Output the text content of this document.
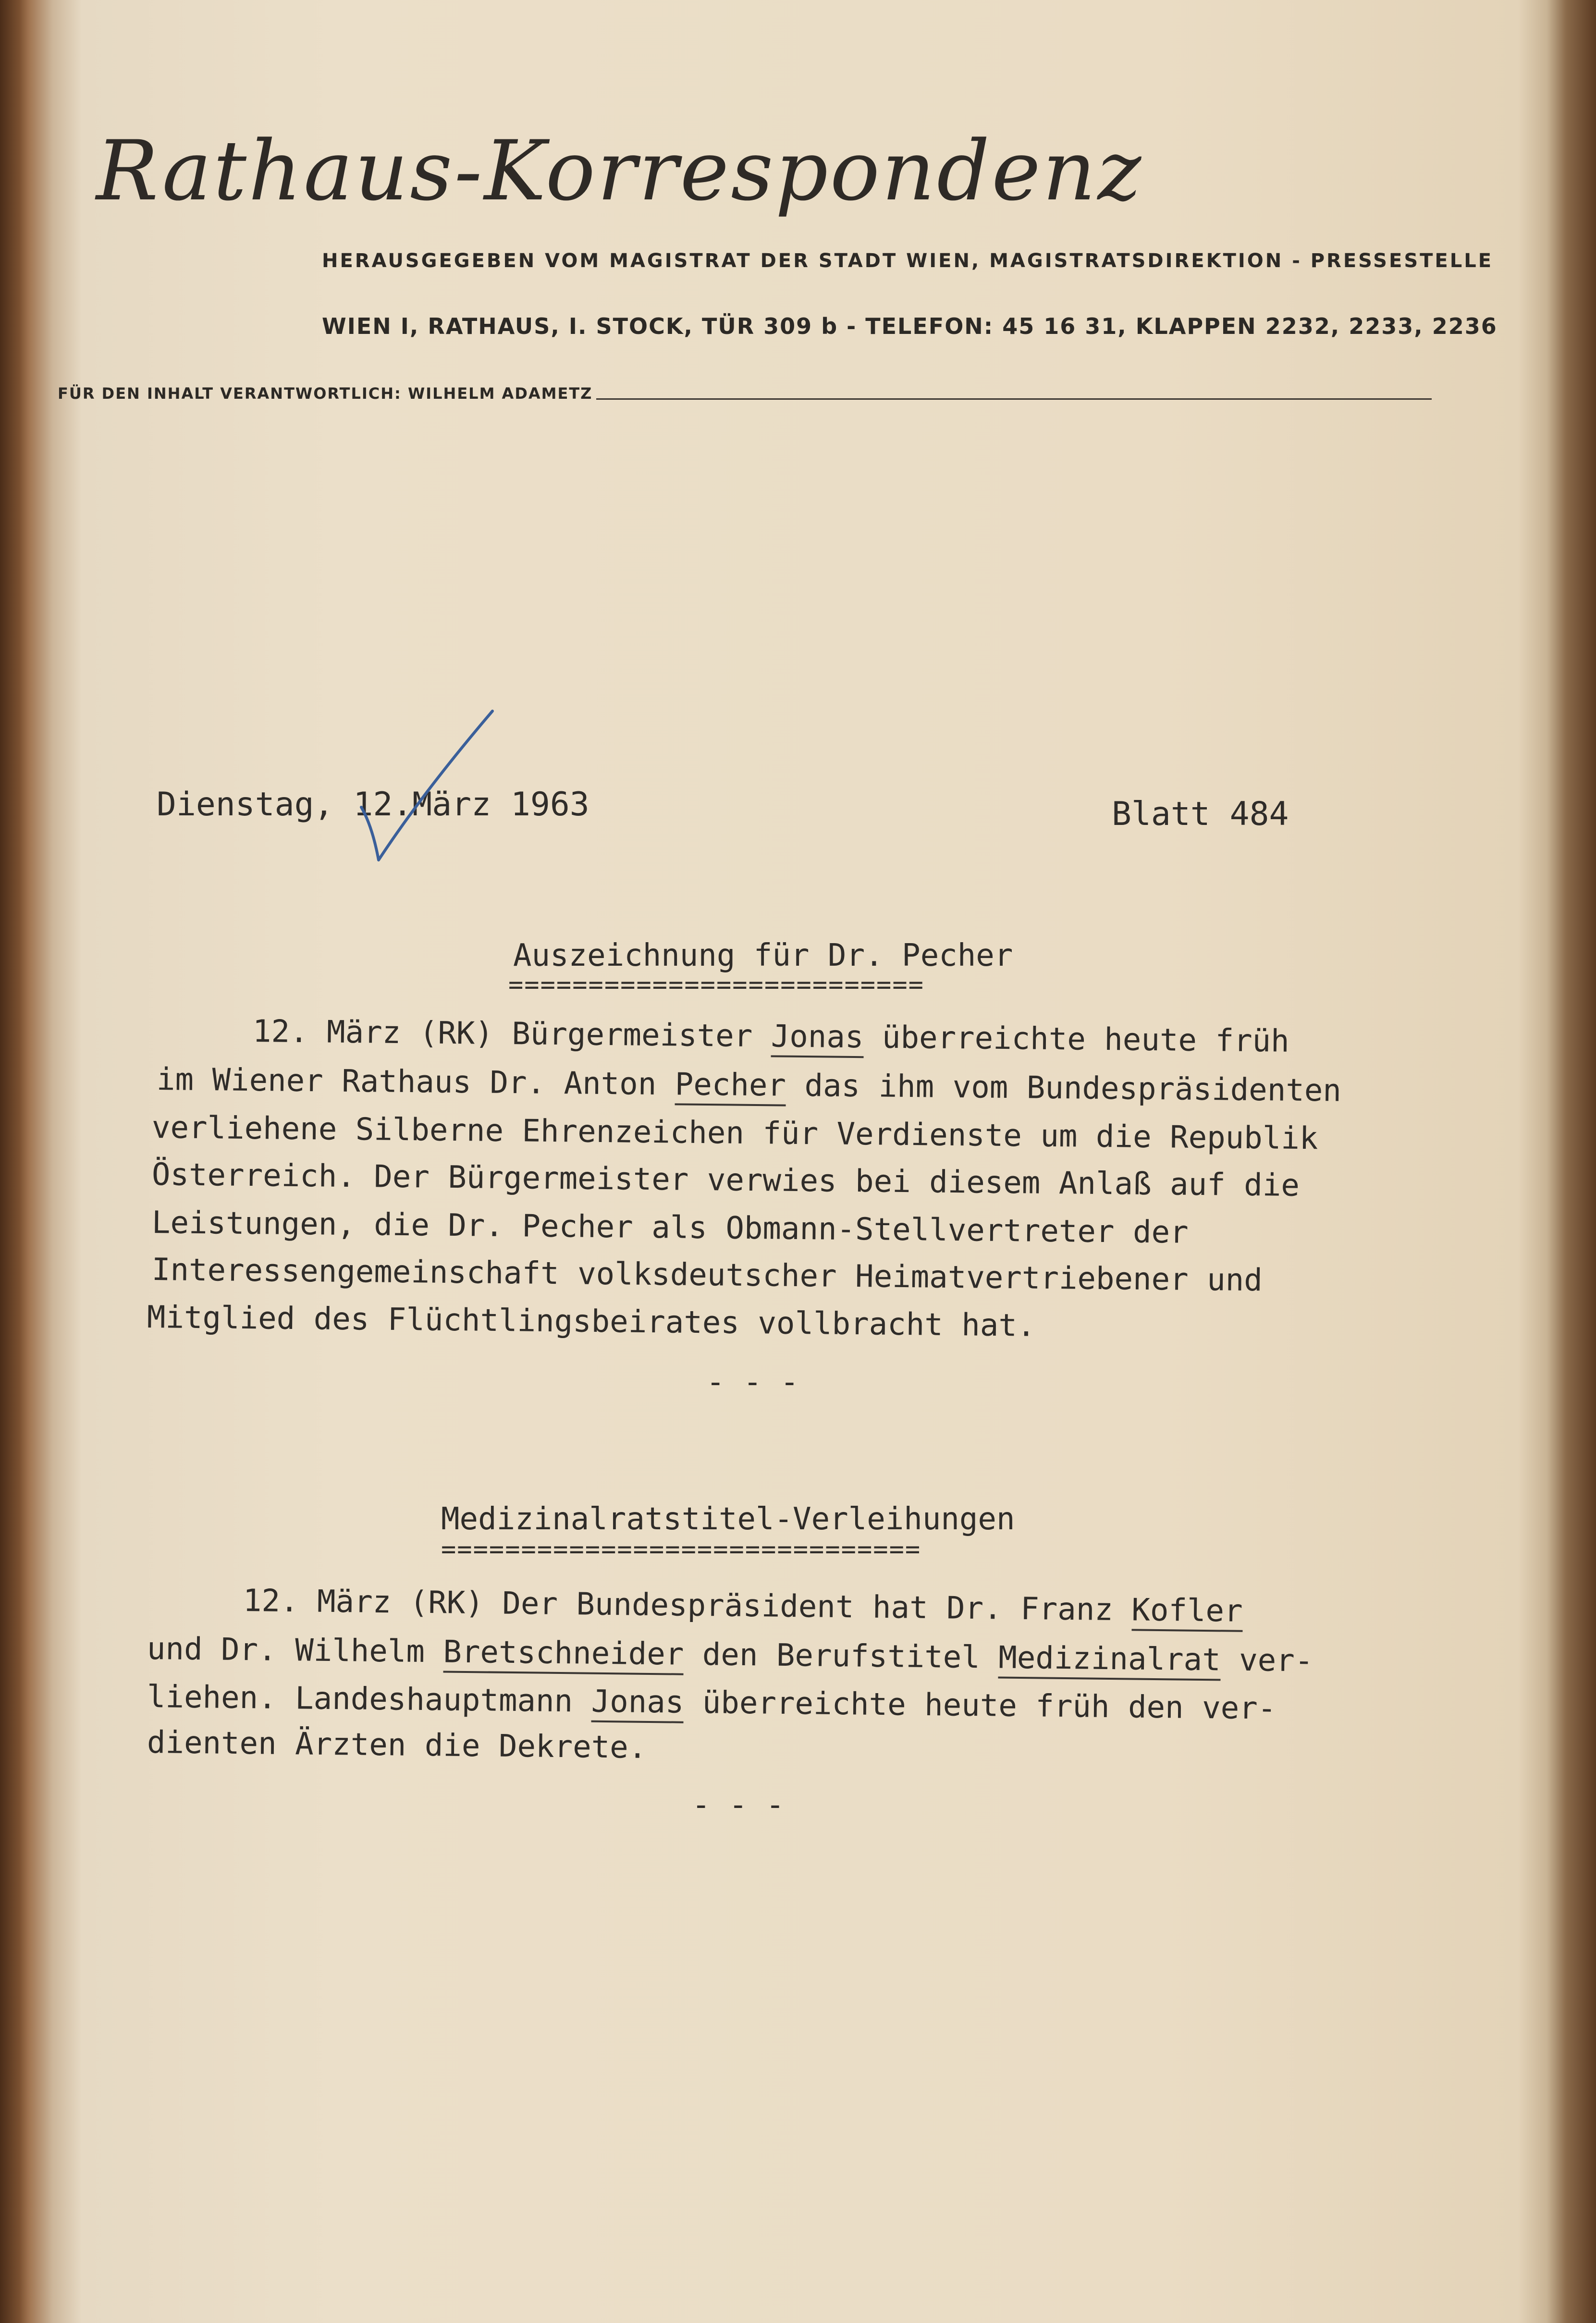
Rathaus-Korrespondenz
HERAUSGEGEBEN VOM MAGISTRAT DER STADT WIEN, MAGISTRATSDIREKTION - PRESSESTELLE
WIEN I, RATHAUS, I. STOCK, TÜR 309 b - TELEFON: 45 16 31, KLAPPEN 2232, 2233, 2236
FÜR DEN INHALT VERANTWORTLICH: WILHELM ADAMETZ
Dienstag, 12.März 1963	Blatt 484
Auszeichnung für Dr. Pecher
==========================
12. März (RK) Bürgermeister Jonas überreichte heute früh
im Wiener Rathaus Dr. Anton Pecher das ihm vom Bundespräsidenten
verliehene Silberne Ehrenzeichen für Verdienste um die Republik
Österreich. Der Bürgermeister verwies bei diesem Anlaß auf die
Leistungen, die Dr. Pecher als Obmann-Stellvertreter der
Interessengemeinschaft volksdeutscher Heimatvertriebener und
Mitglied des Flüchtlingsbeirates vollbracht hat.
- - -
Medizinalratstitel-Verleihungen
==============================
12. März (RK) Der Bundespräsident hat Dr. Franz Kofler
und Dr. Wilhelm Bretschneider den Berufstitel Medizinalrat ver-
liehen. Landeshauptmann Jonas überreichte heute früh den ver-
dienten Ärzten die Dekrete.
- - -
